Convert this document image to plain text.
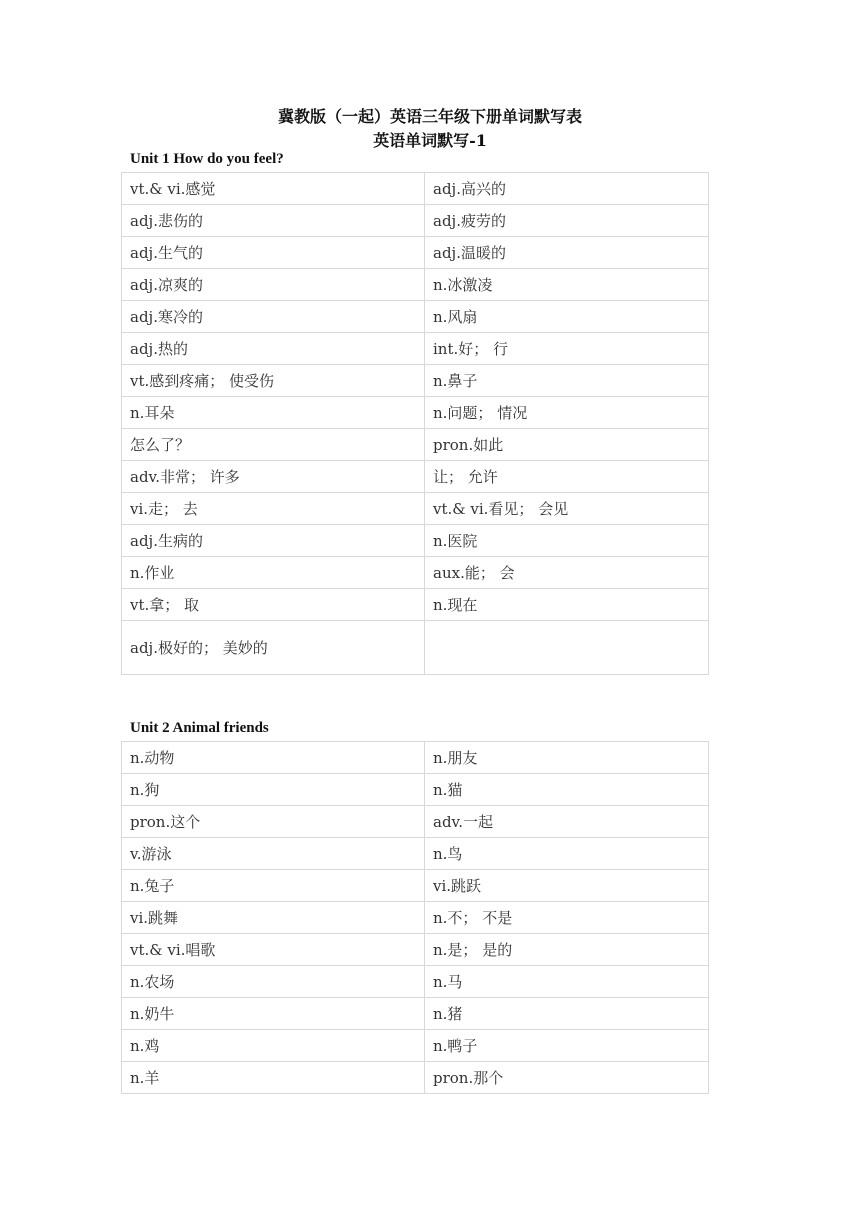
冀教版（一起）英语三年级下册单词默写表
英语单词默写-1
Unit 1 How do you feel?
vt.& vi.感觉	adj.高兴的
adj.悲伤的	adj.疲劳的
adj.生气的	adj.温暖的
adj.凉爽的	n.冰激凌
adj.寒冷的	n.风扇
adj.热的	int.好； 行
vt.感到疼痛； 使受伤	n.鼻子
n.耳朵	n.问题； 情况
怎么了？	pron.如此
adv.非常； 许多	让； 允许
vi.走； 去	vt.& vi.看见； 会见
adj.生病的	n.医院
n.作业	aux.能； 会
vt.拿； 取	n.现在
adj.极好的； 美妙的	
Unit 2 Animal friends
n.动物	n.朋友
n.狗	n.猫
pron.这个	adv.一起
v.游泳	n.鸟
n.兔子	vi.跳跃
vi.跳舞	n.不； 不是
vt.& vi.唱歌	n.是； 是的
n.农场	n.马
n.奶牛	n.猪
n.鸡	n.鸭子
n.羊	pron.那个
